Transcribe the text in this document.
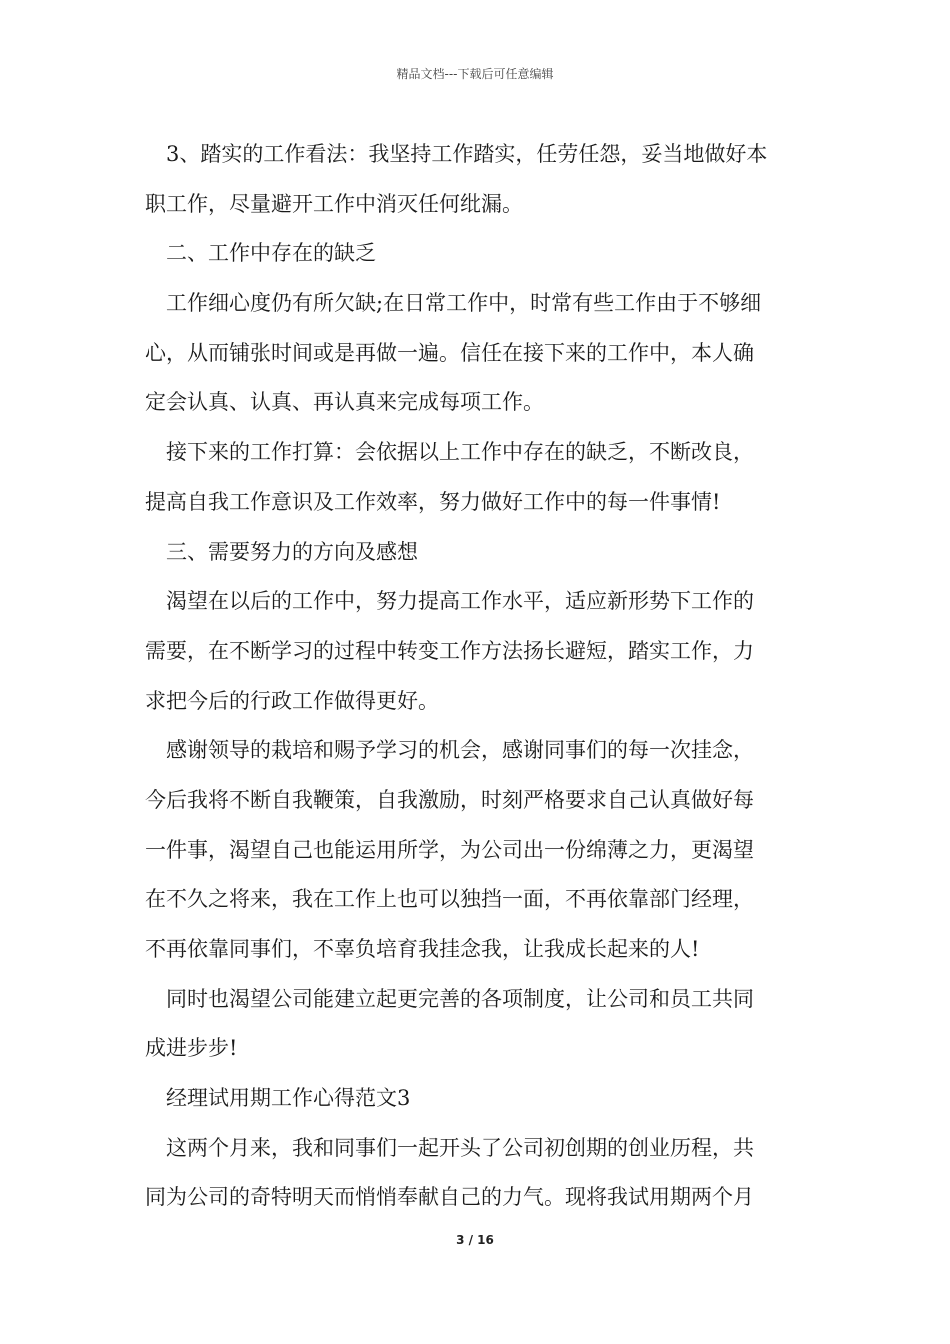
精品文档---下载后可任意编辑
3、踏实的工作看法：我坚持工作踏实，任劳任怨，妥当地做好本
职工作，尽量避开工作中消灭任何纰漏。
二、工作中存在的缺乏
工作细心度仍有所欠缺;在日常工作中，时常有些工作由于不够细
心，从而铺张时间或是再做一遍。信任在接下来的工作中，本人确
定会认真、认真、再认真来完成每项工作。
接下来的工作打算：会依据以上工作中存在的缺乏，不断改良，
提高自我工作意识及工作效率，努力做好工作中的每一件事情!
三、需要努力的方向及感想
渴望在以后的工作中，努力提高工作水平，适应新形势下工作的
需要，在不断学习的过程中转变工作方法扬长避短，踏实工作，力
求把今后的行政工作做得更好。
感谢领导的栽培和赐予学习的机会，感谢同事们的每一次挂念，
今后我将不断自我鞭策，自我激励，时刻严格要求自己认真做好每
一件事，渴望自己也能运用所学，为公司出一份绵薄之力，更渴望
在不久之将来，我在工作上也可以独挡一面，不再依靠部门经理，
不再依靠同事们，不辜负培育我挂念我，让我成长起来的人!
同时也渴望公司能建立起更完善的各项制度，让公司和员工共同
成进步步!
经理试用期工作心得范文3
这两个月来，我和同事们一起开头了公司初创期的创业历程，共
同为公司的奇特明天而悄悄奉献自己的力气。现将我试用期两个月
3 / 16
